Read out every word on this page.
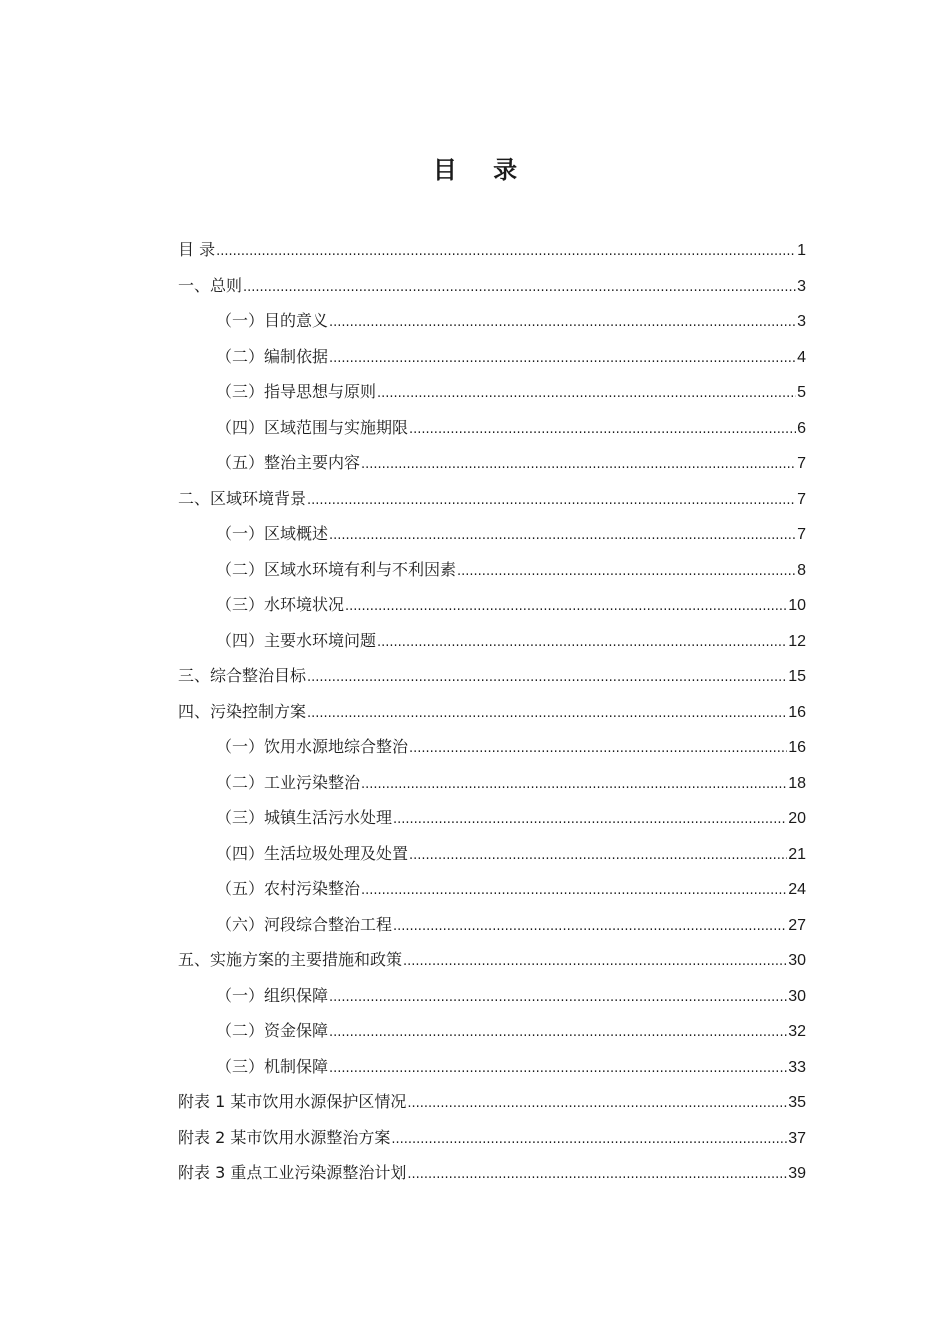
目 录
目 录 .....	1
一、总则 .....	3
（一）目的意义 .....	3
（二）编制依据 .....	4
（三）指导思想与原则 .....	5
（四）区域范围与实施期限 .....	6
（五）整治主要内容 .....	7
二、区域环境背景 .....	7
（一）区域概述 .....	7
（二）区域水环境有利与不利因素 .....	8
（三）水环境状况 .....	10
（四）主要水环境问题 .....	12
三、综合整治目标 .....	15
四、污染控制方案 .....	16
（一）饮用水源地综合整治 .....	16
（二）工业污染整治 .....	18
（三）城镇生活污水处理 .....	20
（四）生活垃圾处理及处置 .....	21
（五）农村污染整治 .....	24
（六）河段综合整治工程 .....	27
五、实施方案的主要措施和政策 .....	30
（一）组织保障 .....	30
（二）资金保障 .....	32
（三）机制保障 .....	33
附表 1 某市饮用水源保护区情况 .....	35
附表 2 某市饮用水源整治方案 .....	37
附表 3 重点工业污染源整治计划 .....	39
